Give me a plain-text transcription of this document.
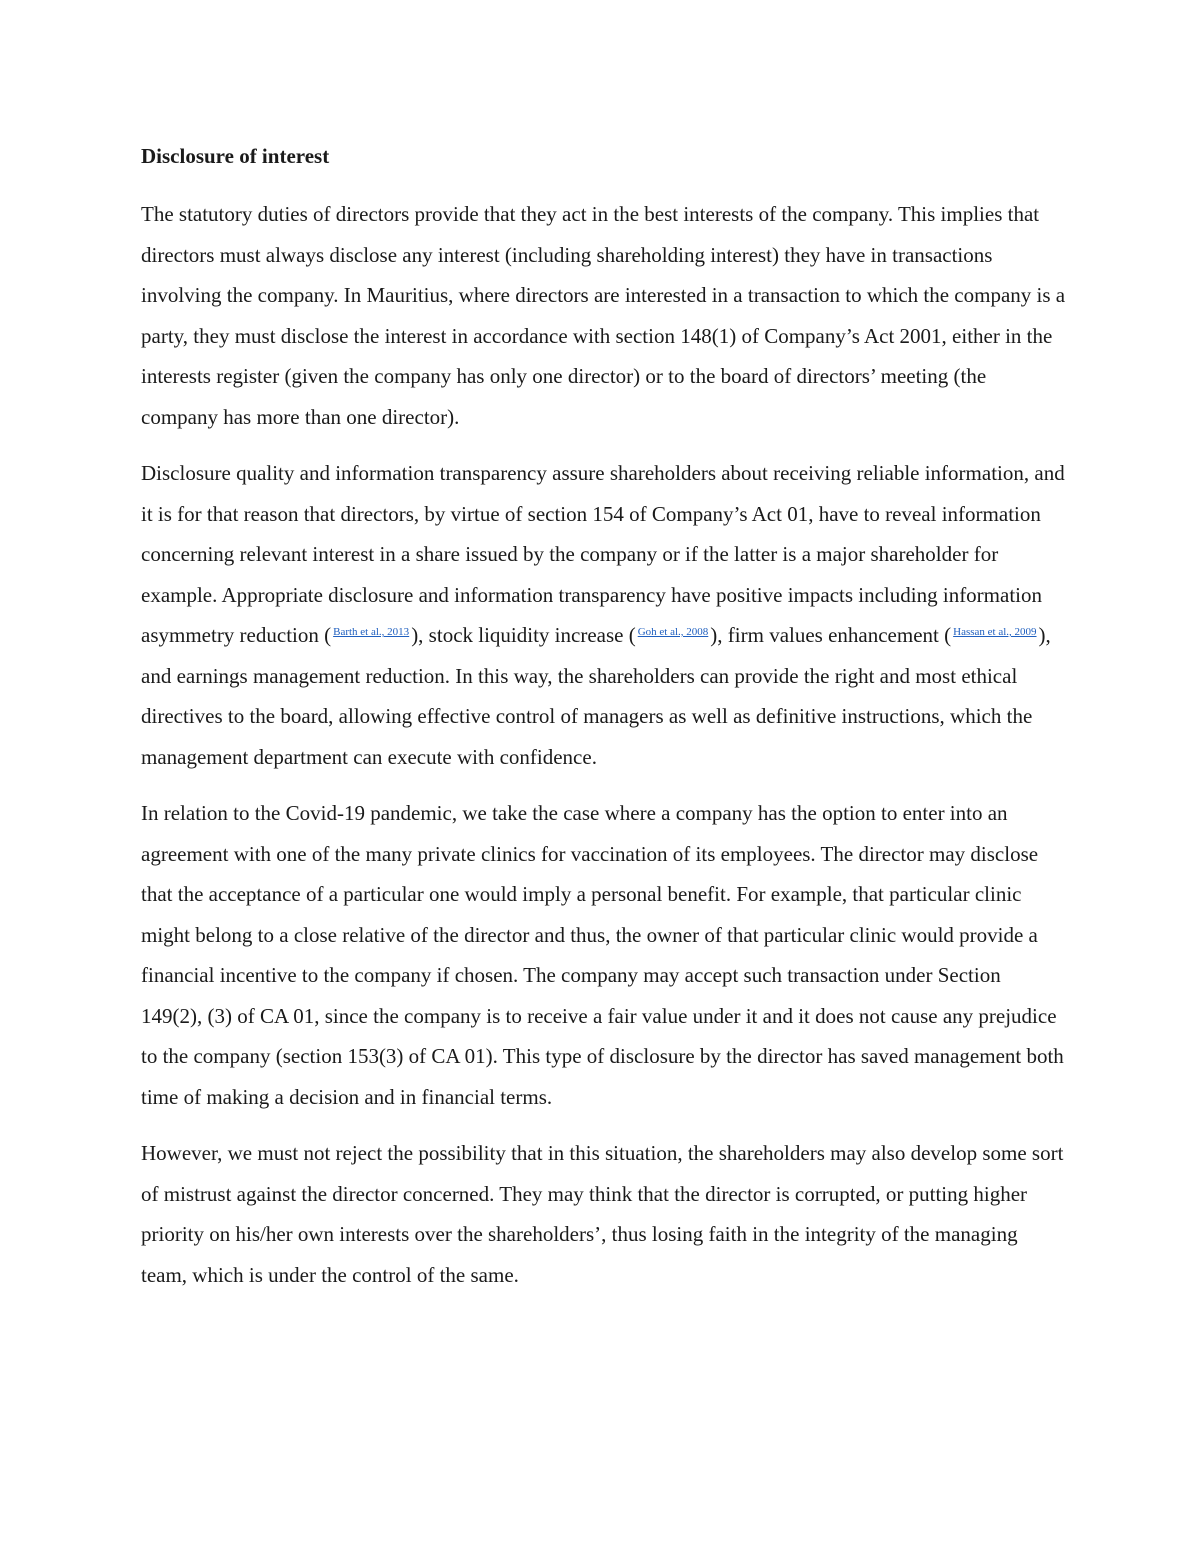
Disclosure of interest

The statutory duties of directors provide that they act in the best interests of the company. This implies that directors must always disclose any interest (including shareholding interest) they have in transactions involving the company. In Mauritius, where directors are interested in a transaction to which the company is a party, they must disclose the interest in accordance with section 148(1) of Company’s Act 2001, either in the interests register (given the company has only one director) or to the board of directors’ meeting (the company has more than one director).

Disclosure quality and information transparency assure shareholders about receiving reliable information, and it is for that reason that directors, by virtue of section 154 of Company’s Act 01, have to reveal information concerning relevant interest in a share issued by the company or if the latter is a major shareholder for example. Appropriate disclosure and information transparency have positive impacts including information asymmetry reduction ( $^{Barth et al., 2013}$), stock liquidity increase ( $^{Goh et al., 2008}$), firm values enhancement ( $^{Hassan et al., 2009}$), and earnings management reduction. In this way, the shareholders can provide the right and most ethical directives to the board, allowing effective control of managers as well as definitive instructions, which the management department can execute with confidence.

In relation to the Covid-19 pandemic, we take the case where a company has the option to enter into an agreement with one of the many private clinics for vaccination of its employees. The director may disclose that the acceptance of a particular one would imply a personal benefit. For example, that particular clinic might belong to a close relative of the director and thus, the owner of that particular clinic would provide a financial incentive to the company if chosen. The company may accept such transaction under Section 149(2), (3) of CA 01, since the company is to receive a fair value under it and it does not cause any prejudice to the company (section 153(3) of CA 01). This type of disclosure by the director has saved management both time of making a decision and in financial terms.

However, we must not reject the possibility that in this situation, the shareholders may also develop some sort of mistrust against the director concerned. They may think that the director is corrupted, or putting higher priority on his/her own interests over the shareholders’, thus losing faith in the integrity of the managing team, which is under the control of the same.
